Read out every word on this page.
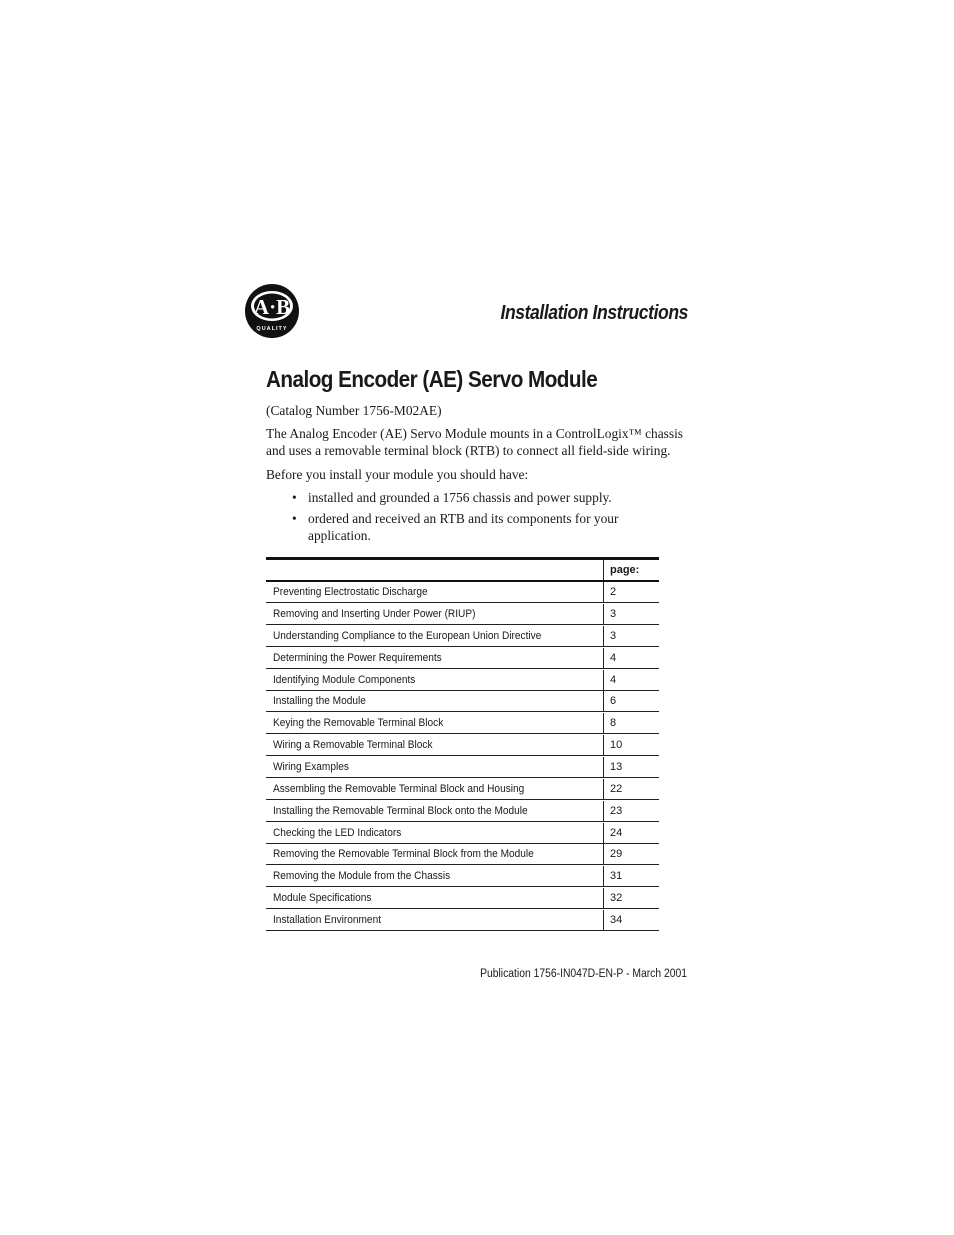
A·B
QUALITY
Installation Instructions
Analog Encoder (AE) Servo Module
(Catalog Number 1756-M02AE)
The Analog Encoder (AE) Servo Module mounts in a ControlLogix™ chassis and uses a removable terminal block (RTB) to connect all field-side wiring.
Before you install your module you should have:
• installed and grounded a 1756 chassis and power supply.
• ordered and received an RTB and its components for your application.
page:
Preventing Electrostatic Discharge	2
Removing and Inserting Under Power (RIUP)	3
Understanding Compliance to the European Union Directive	3
Determining the Power Requirements	4
Identifying Module Components	4
Installing the Module	6
Keying the Removable Terminal Block	8
Wiring a Removable Terminal Block	10
Wiring Examples	13
Assembling the Removable Terminal Block and Housing	22
Installing the Removable Terminal Block onto the Module	23
Checking the LED Indicators	24
Removing the Removable Terminal Block from the Module	29
Removing the Module from the Chassis	31
Module Specifications	32
Installation Environment	34
Publication 1756-IN047D-EN-P - March 2001
